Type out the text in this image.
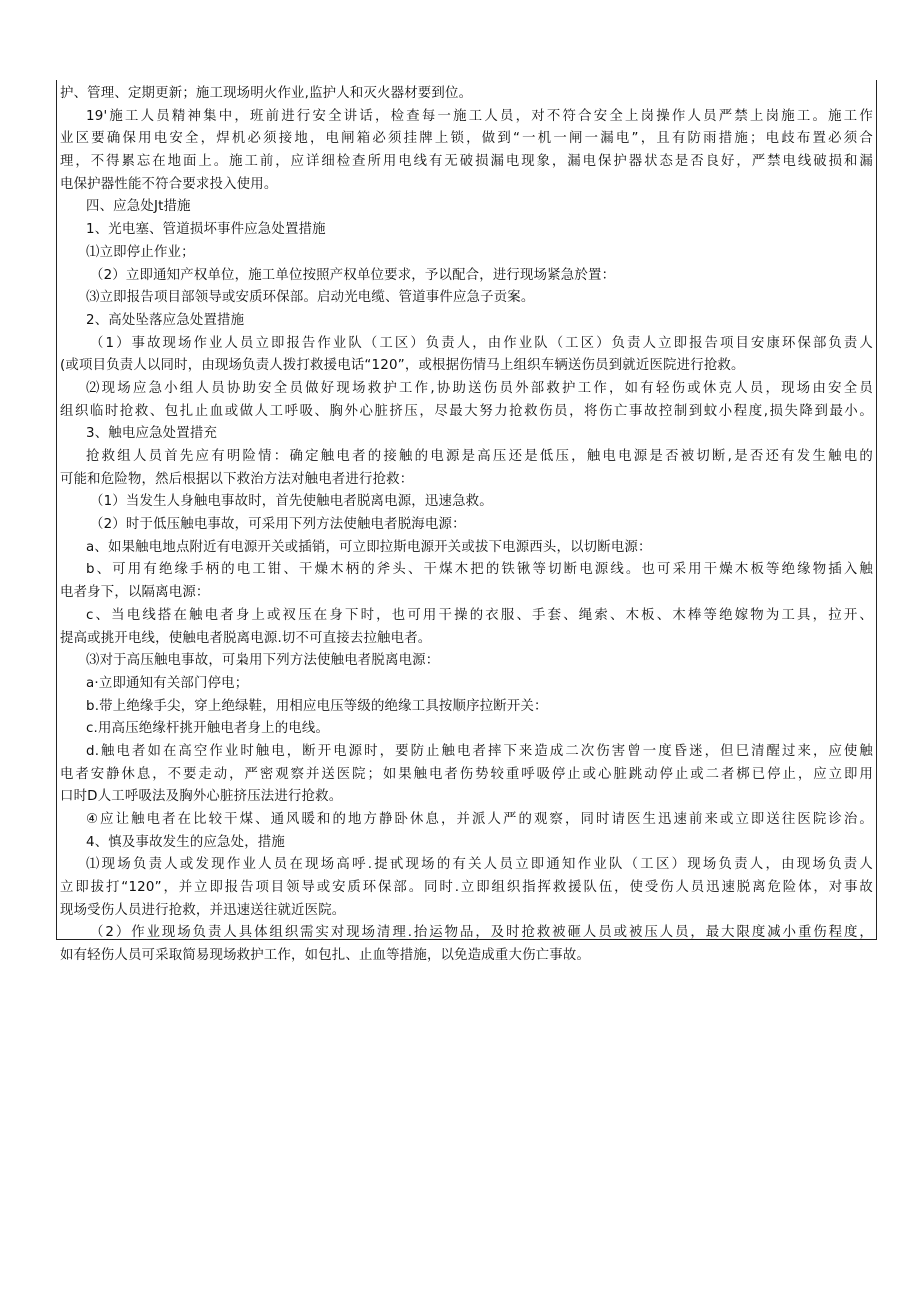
护、管理、定期更新；施工现场明火作业,监护人和灭火器材要到位。
19'施工人员精神集中，班前进行安全讲话，检查每一施工人员，对不符合安全上岗操作人员严禁上岗施工。施工作
业区要确保用电安全，焊机必须接地，电闸箱必须挂牌上锁，做到“一机一闸一漏电”，且有防雨措施；电歧布置必须合
理，不得累忘在地面上。施工前，应详细检查所用电线有无破损漏电现象，漏电保护器状态是否良好，严禁电线破损和漏
电保护器性能不符合要求投入使用。
四、应急处Jt措施
1、光电塞、管道损坏事件应急处置措施
⑴立即停止作业；
（2）立即通知产权单位，施工单位按照产权单位要求，予以配合，进行现场紧急於置：
⑶立即报告项目部领导或安质环保部。启动光电缆、管道事件应急子贡案。
2、高处坠落应急处置措施
（1）事故现场作业人员立即报告作业队（工区）负责人，由作业队（工区）负责人立即报告项目安康环保部负责人
(或项目负责人以同时，由现场负责人拨打救援电话“120”，或根据伤情马上组织车辆送伤员到就近医院进行抢救。
⑵现场应急小组人员协助安全员做好现场救护工作,协助送伤员外部救护工作，如有轻伤或休克人员，现场由安全员
组织临时抢救、包扎止血或做人工呼吸、胸外心脏挤压，尽最大努力抢救伤员，将伤亡事故控制到蚊小程度,损失降到最小。
3、触电应急处置措充
抢救组人员首先应有明险情：确定触电者的接触的电源是高压还是低压，触电电源是否被切断,是否还有发生触电的
可能和危险物，然后根据以下救治方法对触电者进行抢救：
（1）当发生人身触电事故时，首先使触电者脱离电源，迅速急救。
（2）时于低压触电事故，可采用下列方法使触电者脱海电源：
a、如果触电地点附近有电源开关或插销，可立即拉斯电源开关或拔下电源西头，以切断电源：
b、可用有绝缘手柄的电工钳、干燥木柄的斧头、干煤木把的铁锹等切断电源线。也可采用干燥木板等绝缘物插入触
电者身下，以隔离电源：
c、当电线搭在触电者身上或衩压在身下时，也可用干操的衣服、手套、绳索、木板、木棒等绝嫁物为工具，拉开、
提高或挑开电线，使触电者脱离电源.切不可直接去拉触电者。
⑶对于高压触电事故，可枭用下列方法使触电者脱离电源：
a·立即通知有关部门停电；
b.带上绝缘手尖，穿上绝绿鞋，用相应电压等级的绝缘工具按顺序拉断开关：
c.用高压绝缘杆挑开触电者身上的电线。
d.触电者如在高空作业时触电，断开电源时，要防止触电者摔下来造成二次伤害曾一度昏迷，但巳清醒过来，应使触
电者安静休息，不要走动，严密观察并送医院；如果触电者伤势较重呼吸停止或心脏跳动停止或二者梆已停止，应立即用
口时D人工呼吸法及胸外心脏挤压法进行抢救。
④应让触电者在比较干煤、通风暖和的地方静卧休息，并派人严的观察，同时请医生迅速前来或立即送往医院诊治。
4、慎及事故发生的应急处，措施
⑴现场负责人或发现作业人员在现场高呼.提甙现场的有关人员立即通知作业队（工区）现场负责人，由现场负责人
立即拔打“120”，并立即报告项目领导或安质环保部。同时.立即组织指挥救援队伍，使受伤人员迅速脱离危险体，对事故
现场受伤人员进行抢救，并迅速送往就近医院。
（2）作业现场负责人具体组织需实对现场清理.抬运物品，及时抢救被砸人员或被压人员，最大限度减小重伤程度，
如有轻伤人员可采取简易现场救护工作，如包扎、止血等措施，以免造成重大伤亡事故。
